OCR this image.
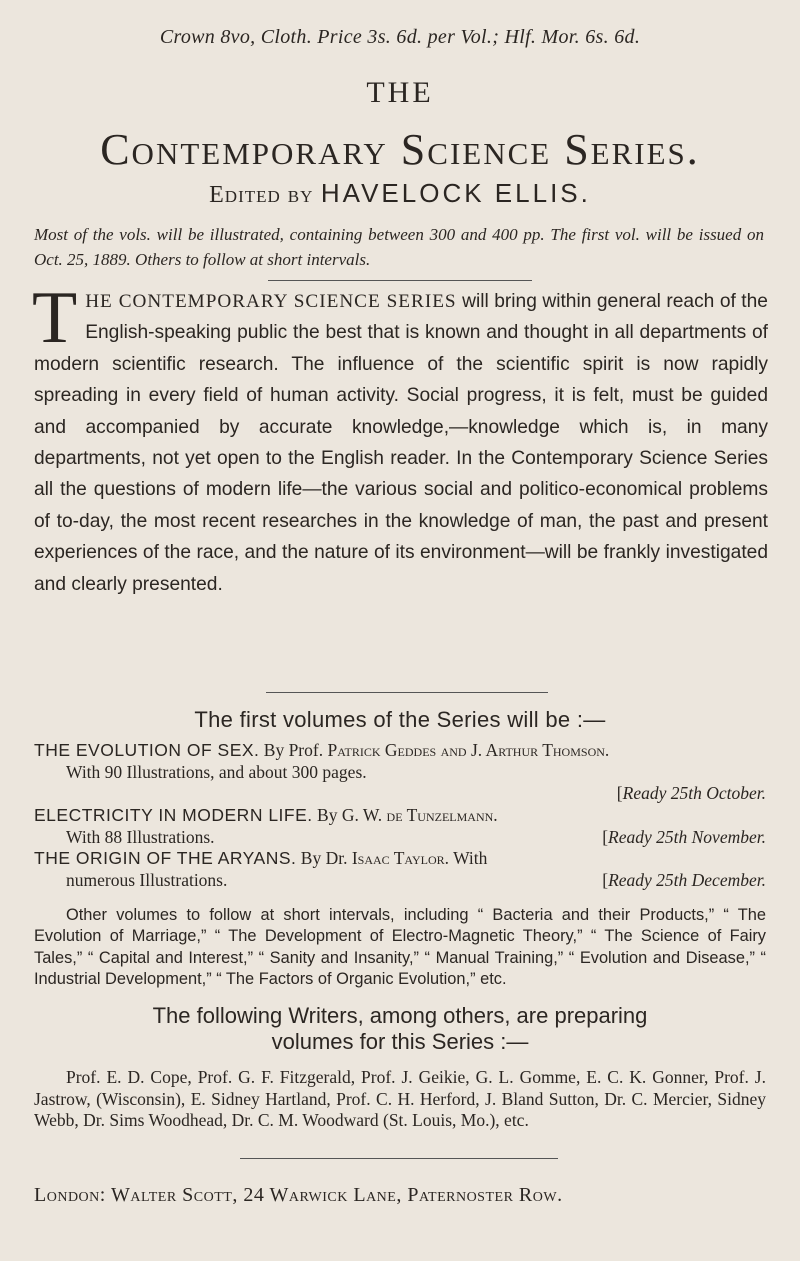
Crown 8vo, Cloth. Price 3s. 6d. per Vol.; Hlf. Mor. 6s. 6d.
THE
Contemporary Science Series.
Edited by HAVELOCK ELLIS.
Most of the vols. will be illustrated, containing between 300 and 400 pp. The first vol. will be issued on Oct. 25, 1889. Others to follow at short intervals.
THE CONTEMPORARY SCIENCE SERIES will bring within general reach of the English-speaking public the best that is known and thought in all departments of modern scientific research. The influence of the scientific spirit is now rapidly spreading in every field of human activity. Social progress, it is felt, must be guided and accompanied by accurate knowledge,—knowledge which is, in many departments, not yet open to the English reader. In the Contemporary Science Series all the questions of modern life—the various social and politico-economical problems of to-day, the most recent researches in the knowledge of man, the past and present experiences of the race, and the nature of its environment—will be frankly investigated and clearly presented.
The first volumes of the Series will be :—
THE EVOLUTION OF SEX. By Prof. Patrick Geddes and J. Arthur Thomson.
With 90 Illustrations, and about 300 pages.
[Ready 25th October.
ELECTRICITY IN MODERN LIFE. By G. W. de Tunzelmann.
With 88 Illustrations.	[Ready 25th November.
THE ORIGIN OF THE ARYANS. By Dr. Isaac Taylor. With
numerous Illustrations.	[Ready 25th December.
Other volumes to follow at short intervals, including “ Bacteria and their Products,” “ The Evolution of Marriage,” “ The Development of Electro-Magnetic Theory,” “ The Science of Fairy Tales,” “ Capital and Interest,” “ Sanity and Insanity,” “ Manual Training,” “ Evolution and Disease,” “ Industrial Development,” “ The Factors of Organic Evolution,” etc.
The following Writers, among others, are preparing
volumes for this Series :—
Prof. E. D. Cope, Prof. G. F. Fitzgerald, Prof. J. Geikie, G. L. Gomme, E. C. K. Gonner, Prof. J. Jastrow, (Wisconsin), E. Sidney Hartland, Prof. C. H. Herford, J. Bland Sutton, Dr. C. Mercier, Sidney Webb, Dr. Sims Woodhead, Dr. C. M. Woodward (St. Louis, Mo.), etc.
London: Walter Scott, 24 Warwick Lane, Paternoster Row.
